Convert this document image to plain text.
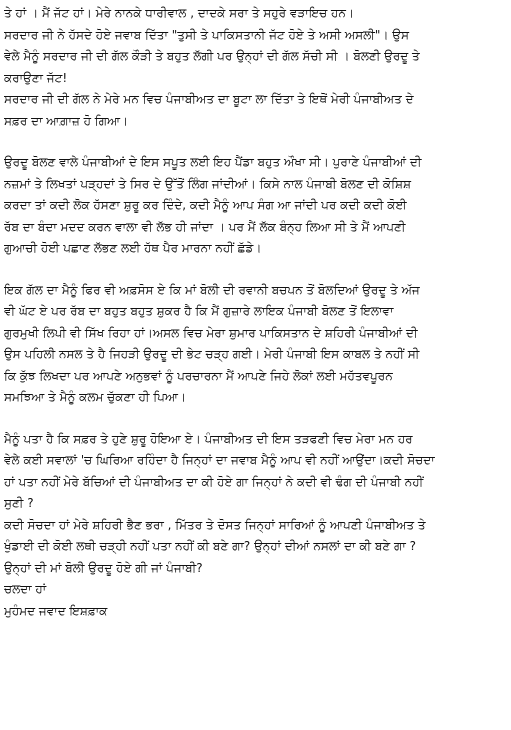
ਤੇ ਹਾਂ । ਮੈਂ ਜੱਟ ਹਾਂ। ਮੇਰੇ ਨਾਨਕੇ ਧਾਰੀਵਾਲ , ਦਾਦਕੇ ਸਰਾ ਤੇ ਸਹੁਰੇ ਵੜਾਇਚ ਹਨ।

ਸਰਦਾਰ ਜੀ ਨੇ ਹੱਸਦੇ ਹੋਏ ਜਵਾਬ ਦਿੱਤਾ "ਤੁਸੀ ਤੇ ਪਾਕਿਸਤਾਨੀ ਜੱਟ ਹੋਏ ਤੇ ਅਸੀ ਅਸਲੀ"। ਉਸ

ਵੇਲੇ ਮੈਨੂੰ ਸਰਦਾਰ ਜੀ ਦੀ ਗੱਲ ਕੌੜੀ ਤੇ ਬਹੁਤ ਲੱਗੀ ਪਰ ਉਨ੍ਹਾਂ ਦੀ ਗੱਲ ਸੱਚੀ ਸੀ । ਬੋਲਣੀ ਉਰਦੂ ਤੇ

ਕਰਾਉਣਾ ਜੱਟ!

ਸਰਦਾਰ ਜੀ ਦੀ ਗੱਲ ਨੇ ਮੇਰੇ ਮਨ ਵਿਚ ਪੰਜਾਬੀਅਤ ਦਾ ਬੂਟਾ ਲਾ ਦਿੱਤਾ ਤੇ ਇਥੋਂ ਮੇਰੀ ਪੰਜਾਬੀਅਤ ਦੇ

ਸਫ਼ਰ ਦਾ ਆਗ਼ਾਜ਼ ਹੋ ਗਿਆ।

ਉਰਦੂ ਬੋਲਣ ਵਾਲੇ ਪੰਜਾਬੀਆਂ ਦੇ ਇਸ ਸਪੂਤ ਲਈ ਇਹ ਪੈਂਡਾ ਬਹੁਤ ਔਖਾ ਸੀ। ਪੁਰਾਣੇ ਪੰਜਾਬੀਆਂ ਦੀ

ਨਜ਼ਮਾਂ ਤੇ ਲਿਖਤਾਂ ਪੜ੍ਹਦਾਂ ਤੇ ਸਿਰ ਦੇ ਉੱਤੋਂ ਲਿੰਗ ਜਾਂਦੀਆਂ। ਕਿਸੇ ਨਾਲ ਪੰਜਾਬੀ ਬੋਲਣ ਦੀ ਕੋਸ਼ਿਸ਼

ਕਰਦਾ ਤਾਂ ਕਦੀ ਲੋਕ ਹੱਸਣਾ ਸ਼ੁਰੂ ਕਰ ਦਿੰਦੇ, ਕਦੀ ਮੈਨੂੰ ਆਪ ਸੰਗ ਆ ਜਾਂਦੀ ਪਰ ਕਦੀ ਕਦੀ ਕੋਈ

ਰੱਬ ਦਾ ਬੰਦਾ ਮਦਦ ਕਰਨ ਵਾਲਾ ਵੀ ਲੱਭ ਹੀ ਜਾਂਦਾ । ਪਰ ਮੈਂ ਲੱਕ ਬੰਨ੍ਹ ਲਿਆ ਸੀ ਤੇ ਮੈਂ ਆਪਣੀ

ਗੁਆਚੀ ਹੋਈ ਪਛਾਣ ਲੱਭਣ ਲਈ ਹੱਥ ਪੈਰ ਮਾਰਨਾ ਨਹੀਂ ਛੱਡੇ।

ਇਕ ਗੱਲ ਦਾ ਮੈਨੂੰ ਫਿਰ ਵੀ ਅਫ਼ਸੋਸ ਏ ਕਿ ਮਾਂ ਬੋਲੀ ਦੀ ਰਵਾਨੀ ਬਚਪਨ ਤੋਂ ਬੋਲਦਿਆਂ ਉਰਦੂ ਤੇ ਅੱਜ

ਵੀ ਘੱਟ ਏ ਪਰ ਰੱਬ ਦਾ ਬਹੁਤ ਬਹੁਤ ਸ਼ੁਕਰ ਹੈ ਕਿ ਮੈਂ ਗੁਜ਼ਾਰੇ ਲਾਇਕ ਪੰਜਾਬੀ ਬੋਲਣ ਤੋਂ ਇਲਾਵਾ

ਗੁਰਮੁਖੀ ਲਿਪੀ ਵੀ ਸਿੱਖ ਰਿਹਾ ਹਾਂ।ਅਸਲ ਵਿਚ ਮੇਰਾ ਸ਼ੁਮਾਰ ਪਾਕਿਸਤਾਨ ਦੇ ਸ਼ਹਿਰੀ ਪੰਜਾਬੀਆਂ ਦੀ

ਉਸ ਪਹਿਲੀ ਨਸਲ ਤੇ ਹੈ ਜਿਹੜੀ ਉਰਦੂ ਦੀ ਭੇਟ ਚੜ੍ਹ ਗਈ। ਮੇਰੀ ਪੰਜਾਬੀ ਇਸ ਕਾਬਲ ਤੇ ਨਹੀਂ ਸੀ

ਕਿ ਕੁੱਝ ਲਿਖਦਾ ਪਰ ਆਪਣੇ ਅਨੁਭਵਾਂ ਨੂੰ ਪਰਚਾਰਨਾ ਮੈਂ ਆਪਣੇ ਜਿਹੇ ਲੋਕਾਂ ਲਈ ਮਹੱਤਵਪੂਰਨ

ਸਮਝਿਆ ਤੇ ਮੈਨੂੰ ਕਲਮ ਚੁੱਕਣਾ ਹੀ ਪਿਆ।

ਮੈਨੂੰ ਪਤਾ ਹੈ ਕਿ ਸਫ਼ਰ ਤੇ ਹੁਣੇ ਸ਼ੁਰੂ ਹੋਇਆ ਏ। ਪੰਜਾਬੀਅਤ ਦੀ ਇਸ ਤੜਫਣੀ ਵਿਚ ਮੇਰਾ ਮਨ ਹਰ

ਵੇਲੇ ਕਈ ਸਵਾਲਾਂ 'ਚ ਘਿਰਿਆ ਰਹਿੰਦਾ ਹੈ ਜਿਨ੍ਹਾਂ ਦਾ ਜਵਾਬ ਮੈਨੂੰ ਆਪ ਵੀ ਨਹੀਂ ਆਉਂਦਾ।ਕਦੀ ਸੋਚਦਾ

ਹਾਂ ਪਤਾ ਨਹੀਂ ਮੇਰੇ ਬੱਚਿਆਂ ਦੀ ਪੰਜਾਬੀਅਤ ਦਾ ਕੀ ਹੋਏ ਗਾ ਜਿਨ੍ਹਾਂ ਨੇ ਕਦੀ ਵੀ ਢੰਗ ਦੀ ਪੰਜਾਬੀ ਨਹੀਂ

ਸੁਣੀ ?

ਕਦੀ ਸੋਚਦਾ ਹਾਂ ਮੇਰੇ ਸ਼ਹਿਰੀ ਭੈਣ ਭਰਾ , ਮਿੱਤਰ ਤੇ ਦੋਸਤ ਜਿਨ੍ਹਾਂ ਸਾਰਿਆਂ ਨੂੰ ਆਪਣੀ ਪੰਜਾਬੀਅਤ ਤੇ

ਖੁੰਡਾਈ ਦੀ ਕੋਈ ਲਥੀ ਚੜ੍ਹੀ ਨਹੀਂ ਪਤਾ ਨਹੀਂ ਕੀ ਬਣੇ ਗਾ? ਉਨ੍ਹਾਂ ਦੀਆਂ ਨਸਲਾਂ ਦਾ ਕੀ ਬਣੇ ਗਾ ?

ਉਨ੍ਹਾਂ ਦੀ ਮਾਂ ਬੋਲੀ ਉਰਦੂ ਹੋਏ ਗੀ ਜਾਂ ਪੰਜਾਬੀ?

ਚਲਦਾ ਹਾਂ

ਮੁਹੰਮਦ ਜਵਾਦ ਇਸ਼ਫ਼ਾਕ
